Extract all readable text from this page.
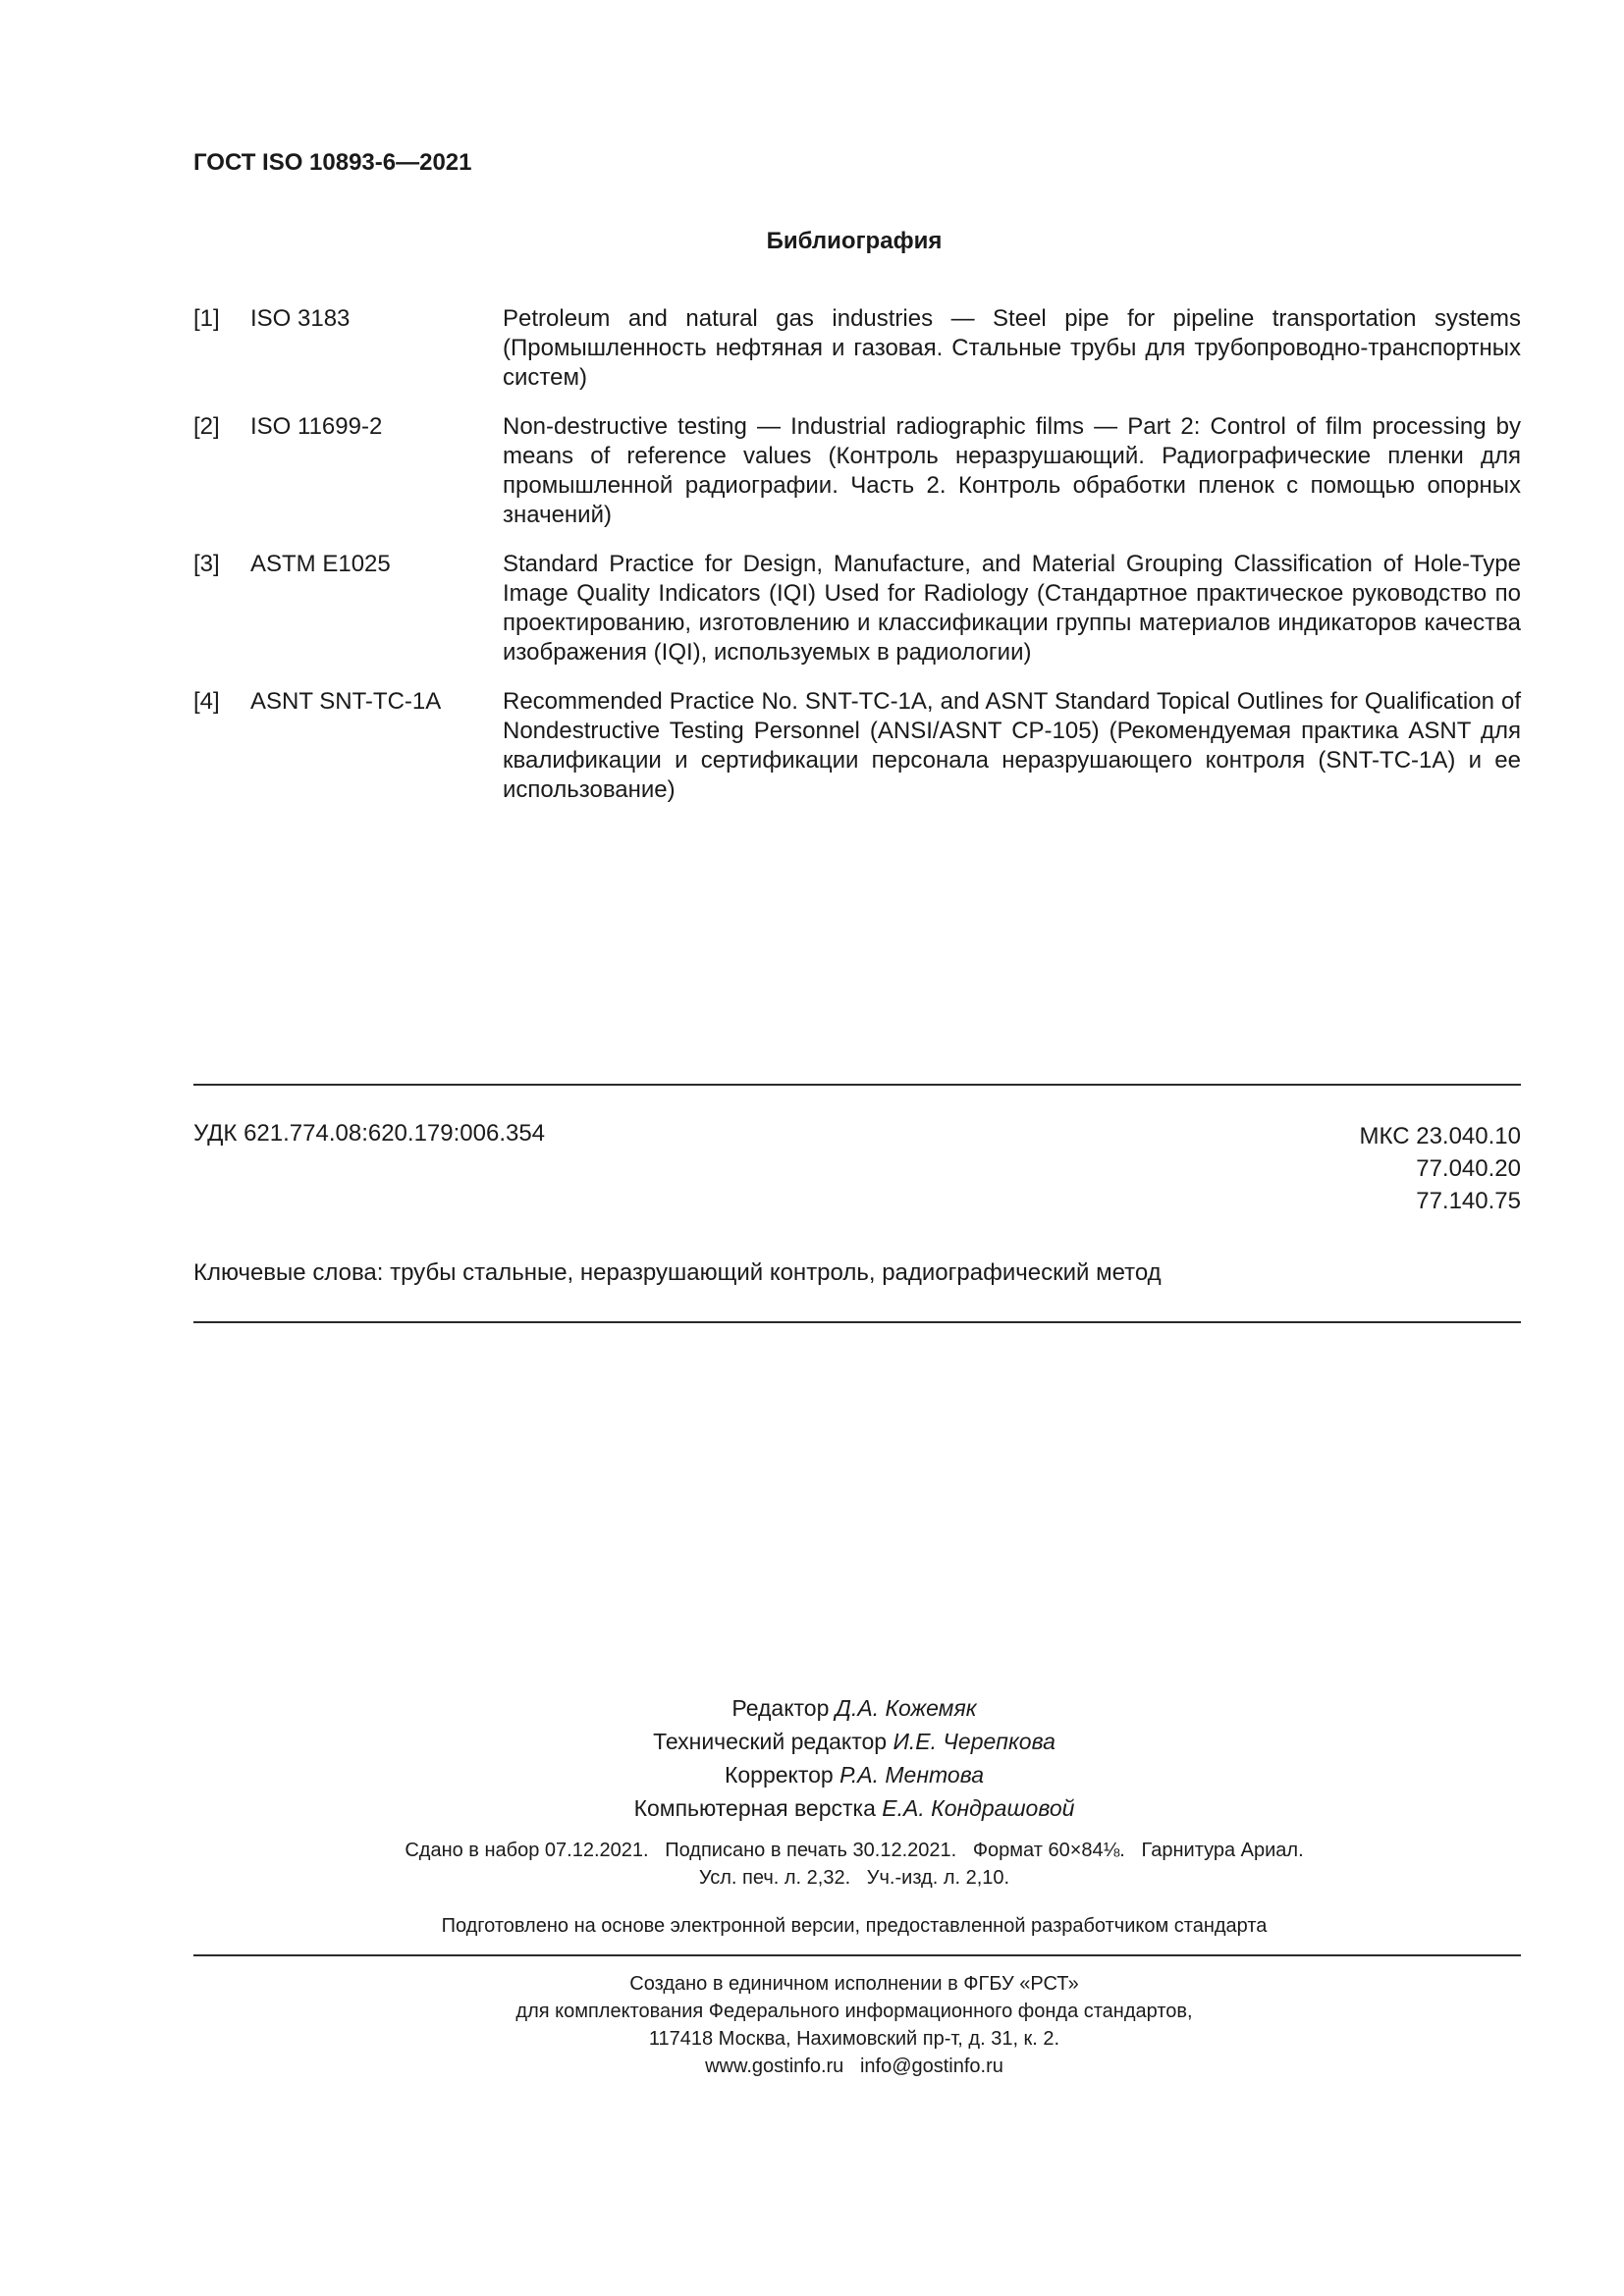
ГОСТ ISO 10893-6—2021
Библиография
[1] ISO 3183	Petroleum and natural gas industries — Steel pipe for pipeline transportation systems (Промышленность нефтяная и газовая. Стальные трубы для трубопроводно-транспортных систем)
[2] ISO 11699-2	Non-destructive testing — Industrial radiographic films — Part 2: Control of film processing by means of reference values (Контроль неразрушающий. Радиографические пленки для промышленной радиографии. Часть 2. Контроль обработки пленок с помощью опорных значений)
[3] ASTM E1025	Standard Practice for Design, Manufacture, and Material Grouping Classification of Hole-Type Image Quality Indicators (IQI) Used for Radiology (Стандартное практическое руководство по проектированию, изготовлению и классификации группы материалов индикаторов качества изображения (IQI), используемых в радиологии)
[4] ASNT SNT-TC-1A	Recommended Practice No. SNT-TC-1A, and ASNT Standard Topical Outlines for Qualification of Nondestructive Testing Personnel (ANSI/ASNT CP-105) (Рекомендуемая практика ASNT для квалификации и сертификации персонала неразрушающего контроля (SNT-TC-1A) и ее использование)
УДК 621.774.08:620.179:006.354	МКС 23.040.10
77.040.20
77.140.75
Ключевые слова: трубы стальные, неразрушающий контроль, радиографический метод
Редактор Д.А. Кожемяк
Технический редактор И.Е. Черепкова
Корректор Р.А. Ментова
Компьютерная верстка Е.А. Кондрашовой
Сдано в набор 07.12.2021.   Подписано в печать 30.12.2021.   Формат 60×84⅛.   Гарнитура Ариал.
Усл. печ. л. 2,32.   Уч.-изд. л. 2,10.
Подготовлено на основе электронной версии, предоставленной разработчиком стандарта
Создано в единичном исполнении в ФГБУ «РСТ»
для комплектования Федерального информационного фонда стандартов,
117418 Москва, Нахимовский пр-т, д. 31, к. 2.
www.gostinfo.ru   info@gostinfo.ru
